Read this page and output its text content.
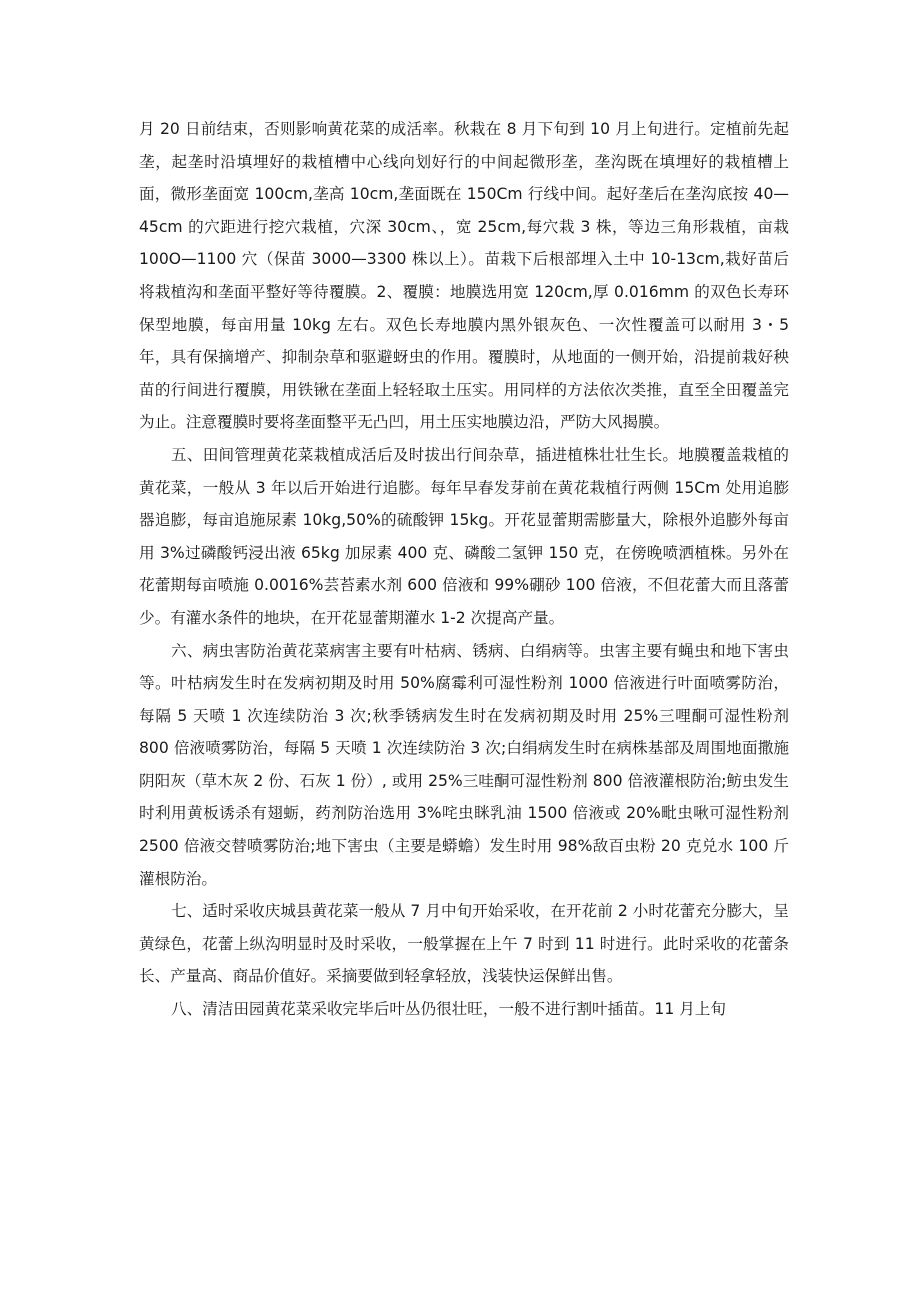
月 20 日前结束，否则影响黄花菜的成活率。秋栽在 8 月下旬到 10 月上旬进行。定植前先起垄，起垄时沿填埋好的栽植槽中心线向划好行的中间起微形垄，垄沟既在填埋好的栽植槽上面，微形垄面宽 100cm,垄高 10cm,垄面既在 150Cm 行线中间。起好垄后在垄沟底按 40—45cm 的穴距进行挖穴栽植，穴深 30cm、，宽 25cm,每穴栽 3 株，等边三角形栽植，亩栽 100O—1100 穴（保苗 3000—3300 株以上）。苗栽下后根部埋入土中 10-13cm,栽好苗后将栽植沟和垄面平整好等待覆膜。2、覆膜：地膜选用宽 120cm,厚 0.016mm 的双色长寿环保型地膜，每亩用量 10kg 左右。双色长寿地膜内黑外银灰色、一次性覆盖可以耐用 3・5 年，具有保摘增产、抑制杂草和驱避蚜虫的作用。覆膜时，从地面的一侧开始，沿提前栽好秧苗的行间进行覆膜，用铁锹在垄面上轻轻取土压实。用同样的方法依次类推，直至全田覆盖完为止。注意覆膜时要将垄面整平无凸凹，用土压实地膜边沿，严防大风揭膜。

五、田间管理黄花菜栽植成活后及时拔出行间杂草，插进植株壮壮生长。地膜覆盖栽植的黄花菜，一般从 3 年以后开始进行追膨。每年早春发芽前在黄花栽植行两侧 15Cm 处用追膨器追膨，每亩追施尿素 10kg,50%的硫酸钾 15kg。开花显蕾期需膨量大，除根外追膨外每亩用 3%过磷酸钙浸出液 65kg 加尿素 400 克、磷酸二氢钾 150 克，在傍晚喷洒植株。另外在花蕾期每亩喷施 0.0016%芸苔素水剂 600 倍液和 99%硼砂 100 倍液，不但花蕾大而且落蕾少。有灌水条件的地块，在开花显蕾期灌水 1-2 次提高产量。

六、病虫害防治黄花菜病害主要有叶枯病、锈病、白绢病等。虫害主要有蝇虫和地下害虫等。叶枯病发生时在发病初期及时用 50%腐霉利可湿性粉剂 1000 倍液进行叶面喷雾防治，每隔 5 天喷 1 次连续防治 3 次;秋季锈病发生时在发病初期及时用 25%三哩酮可湿性粉剂 800 倍液喷雾防治，每隔 5 天喷 1 次连续防治 3 次;白绢病发生时在病株基部及周围地面撒施阴阳灰（草木灰 2 份、石灰 1 份）, 或用 25%三哇酮可湿性粉剂 800 倍液灌根防治;鲂虫发生时利用黄板诱杀有翅蛎，药剂防治选用 3%咤虫眯乳油 1500 倍液或 20%毗虫啾可湿性粉剂 2500 倍液交替喷雾防治;地下害虫（主要是蟒蟾）发生时用 98%敌百虫粉 20 克兑水 100 斤灌根防治。

七、适时采收庆城县黄花菜一般从 7 月中旬开始采收，在开花前 2 小时花蕾充分膨大，呈黄绿色，花蕾上纵沟明显时及时采收，一般掌握在上午 7 时到 11 时进行。此时采收的花蕾条长、产量高、商品价值好。采摘要做到轻拿轻放，浅装快运保鲜出售。

八、清洁田园黄花菜采收完毕后叶丛仍很壮旺，一般不进行割叶插苗。11 月上旬
